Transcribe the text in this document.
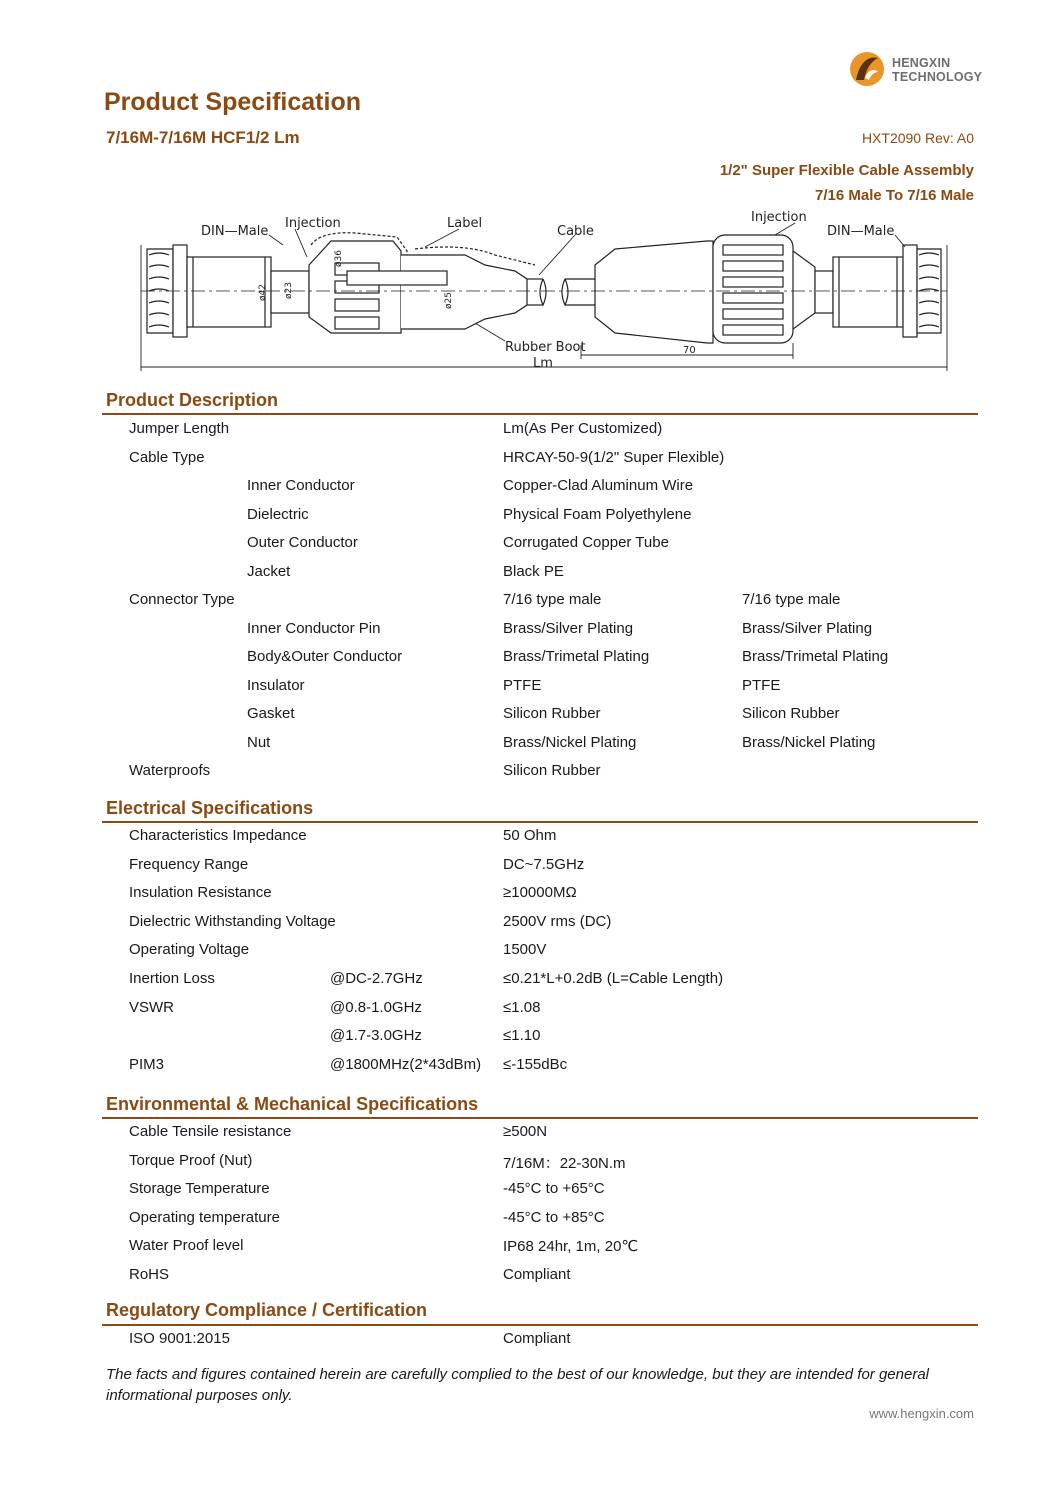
HENGXIN
TECHNOLOGY
Product Specification
7/16M-7/16M HCF1/2 Lm	HXT2090 Rev: A0
1/2" Super Flexible Cable Assembly
7/16 Male To 7/16 Male
DIN—Male
Injection	Label
Cable
Injection
DIN—Male
Rubber Boot
Lm
70
ø42 ø23
ø36
ø25
Product Description
Jumper Length	Lm(As Per Customized)
Cable Type	HRCAY-50-9(1/2" Super Flexible)
Inner Conductor	Copper-Clad Aluminum Wire
Dielectric	Physical Foam Polyethylene
Outer Conductor	Corrugated Copper Tube
Jacket	Black PE
Connector Type	7/16 type male	7/16 type male
Inner Conductor Pin	Brass/Silver Plating	Brass/Silver Plating
Body&Outer Conductor	Brass/Trimetal Plating	Brass/Trimetal Plating
Insulator	PTFE	PTFE
Gasket	Silicon Rubber	Silicon Rubber
Nut	Brass/Nickel Plating	Brass/Nickel Plating
Waterproofs	Silicon Rubber
Electrical Specifications
Characteristics Impedance	50 Ohm
Frequency Range	DC~7.5GHz
Insulation Resistance	≥10000MΩ
Dielectric Withstanding Voltage	2500V rms (DC)
Operating Voltage	1500V
Inertion Loss	@DC-2.7GHz	≤0.21*L+0.2dB (L=Cable Length)
VSWR	@0.8-1.0GHz	≤1.08
@1.7-3.0GHz	≤1.10
PIM3	@1800MHz(2*43dBm) ≤-155dBc
Environmental & Mechanical Specifications
Cable Tensile resistance	≥500N
Torque Proof (Nut)	7/16M：22-30N.m
Storage Temperature	-45°C to +65°C
Operating temperature	-45°C to +85°C
Water Proof level	IP68 24hr, 1m, 20℃
RoHS	Compliant
Regulatory Compliance / Certification
ISO 9001:2015	Compliant
The facts and figures contained herein are carefully complied to the best of our knowledge, but they are intended for general informational purposes only.
www.hengxin.com
